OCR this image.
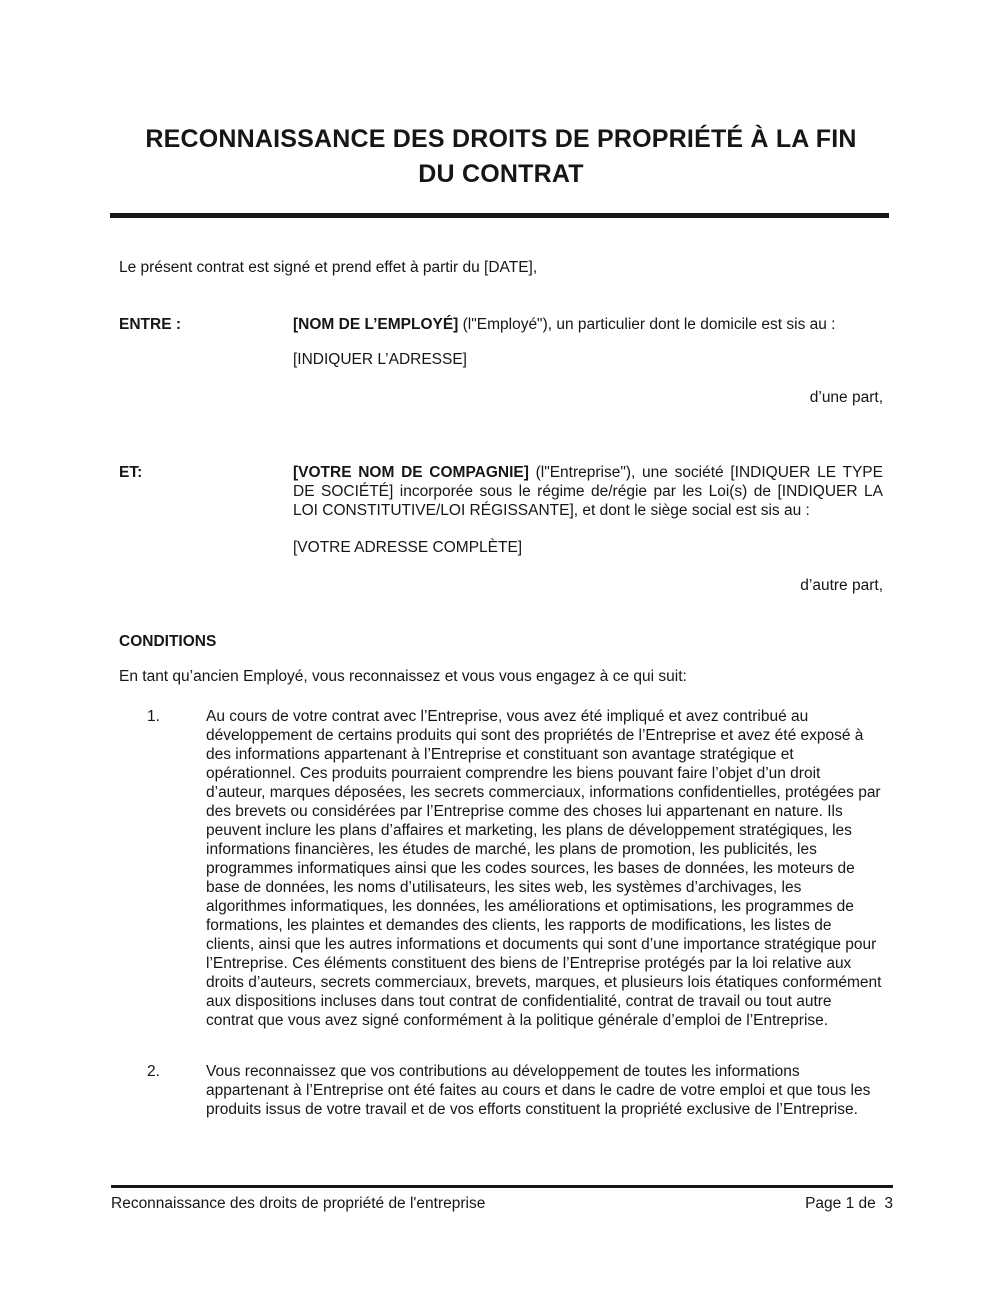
RECONNAISSANCE DES DROITS DE PROPRIÉTÉ À LA FIN
DU CONTRAT

Le présent contrat est signé et prend effet à partir du [DATE],

ENTRE :	[NOM DE L’EMPLOYÉ] (l"Employé"), un particulier dont le domicile est sis au :

[INDIQUER L’ADRESSE]

d’une part,

ET:	[VOTRE NOM DE COMPAGNIE] (l"Entreprise"), une société [INDIQUER LE TYPE DE SOCIÉTÉ] incorporée sous le régime de/régie par les Loi(s) de [INDIQUER LA LOI CONSTITUTIVE/LOI RÉGISSANTE], et dont le siège social est sis au :

[VOTRE ADRESSE COMPLÈTE]

d’autre part,

CONDITIONS

En tant qu’ancien Employé, vous reconnaissez et vous vous engagez à ce qui suit:

1.	Au cours de votre contrat avec l’Entreprise, vous avez été impliqué et avez contribué au développement de certains produits qui sont des propriétés de l’Entreprise et avez été exposé à des informations appartenant à l’Entreprise et constituant son avantage stratégique et opérationnel. Ces produits pourraient comprendre les biens pouvant faire l’objet d’un droit d’auteur, marques déposées, les secrets commerciaux, informations confidentielles, protégées par des brevets ou considérées par l’Entreprise comme des choses lui appartenant en nature. Ils peuvent inclure les plans d’affaires et marketing, les plans de développement stratégiques, les informations financières, les études de marché, les plans de promotion, les publicités, les programmes informatiques ainsi que les codes sources, les bases de données, les moteurs de base de données, les noms d’utilisateurs, les sites web, les systèmes d’archivages, les algorithmes informatiques, les données, les améliorations et optimisations, les programmes de formations, les plaintes et demandes des clients, les rapports de modifications, les listes de clients, ainsi que les autres informations et documents qui sont d’une importance stratégique pour l’Entreprise. Ces éléments constituent des biens de l’Entreprise protégés par la loi relative aux droits d’auteurs, secrets commerciaux, brevets, marques, et plusieurs lois étatiques conformément aux dispositions incluses dans tout contrat de confidentialité, contrat de travail ou tout autre contrat que vous avez signé conformément à la politique générale d’emploi de l’Entreprise.
2.	Vous reconnaissez que vos contributions au développement de toutes les informations appartenant à l’Entreprise ont été faites au cours et dans le cadre de votre emploi et que tous les produits issus de votre travail et de vos efforts constituent la propriété exclusive de l’Entreprise.
Reconnaissance des droits de propriété de l'entreprise	Page 1 de  3
